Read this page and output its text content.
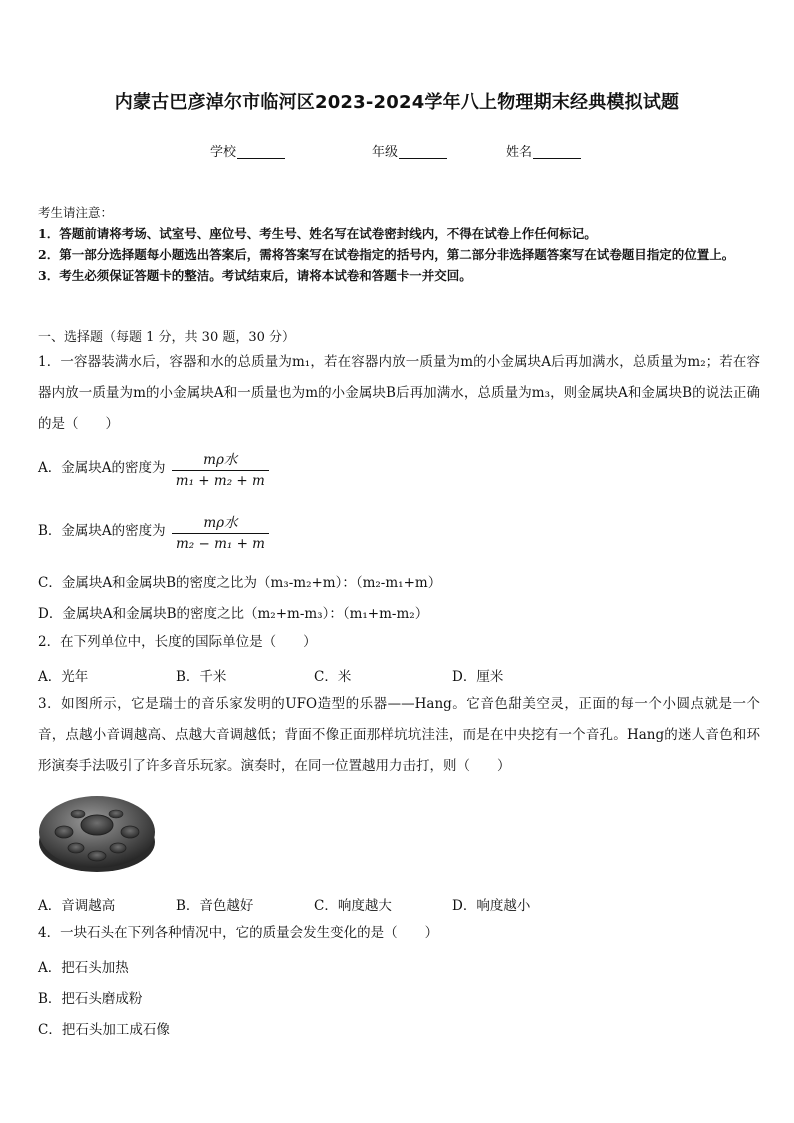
内蒙古巴彦淖尔市临河区2023-2024学年八上物理期末经典模拟试题
学校	年级	姓名
考生请注意：
1．答题前请将考场、试室号、座位号、考生号、姓名写在试卷密封线内，不得在试卷上作任何标记。
2．第一部分选择题每小题选出答案后，需将答案写在试卷指定的括号内，第二部分非选择题答案写在试卷题目指定的位置上。
3．考生必须保证答题卡的整洁。考试结束后，请将本试卷和答题卡一并交回。
一、选择题（每题 1 分，共 30 题，30 分）
1．一容器装满水后，容器和水的总质量为m₁，若在容器内放一质量为m的小金属块A后再加满水，总质量为m₂；若在容器内放一质量为m的小金属块A和一质量也为m的小金属块B后再加满水，总质量为m₃，则金属块A和金属块B的说法正确的是（　　）
A．金属块A的密度为 $\frac{\text{mρ水}}{\text{m₁ + m₂ + m}}$
B．金属块A的密度为 $\frac{\text{mρ水}}{\text{m₂ − m₁ + m}}$
C．金属块A和金属块B的密度之比为（m₃-m₂+m）：（m₂-m₁+m）
D．金属块A和金属块B的密度之比（m₂+m-m₃）：（m₁+m-m₂）
2．在下列单位中，长度的国际单位是（　　）
A．光年	B．千米	C．米	D．厘米
3．如图所示，它是瑞士的音乐家发明的UFO造型的乐器——Hang。它音色甜美空灵，正面的每一个小圆点就是一个音，点越小音调越高、点越大音调越低；背面不像正面那样坑坑洼洼，而是在中央挖有一个音孔。Hang的迷人音色和环形演奏手法吸引了许多音乐玩家。演奏时，在同一位置越用力击打，则（　　）
A．音调越高	B．音色越好	C．响度越大	D．响度越小
4．一块石头在下列各种情况中，它的质量会发生变化的是（　　）
A．把石头加热
B．把石头磨成粉
C．把石头加工成石像
